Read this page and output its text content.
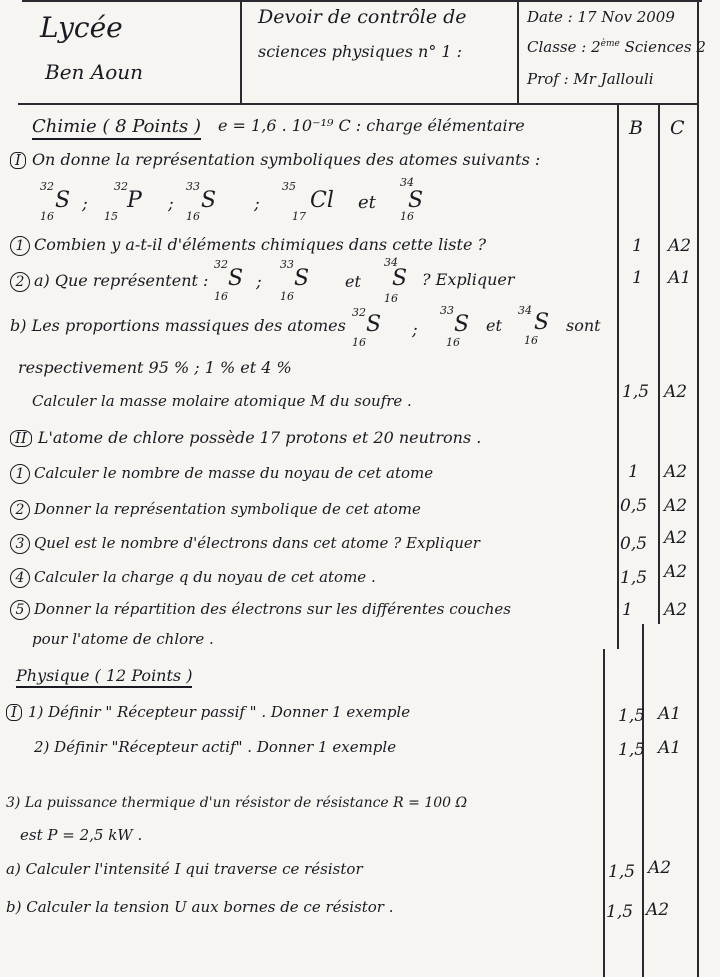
Lycée
Ben Aoun
Devoir de contrôle de
sciences physiques n° 1 :
Date : 17 Nov 2009
Classe : 2ème Sciences 2
Prof : Mr Jallouli
Chimie ( 8 Points ) e = 1,6 . 10⁻¹⁹ C : charge élémentaire	B C
I On donne la représentation symboliques des atomes suivants :
32
S
16
;
32
P
15
;
33
S
16
;
35
Cl
17
et
34
S
16
1 Combien y a-t-il d'éléments chimiques dans cette liste ?	1 A2
2 a) Que représentent :
32
S
16
;
33
S
16
et
34
S
16
? Expliquer	1 A1
b) Les proportions massiques des atomes
32 S
16
;
33
S
16
et
34 S
16
sont
respectivement 95 % ; 1 % et 4 %
Calculer la masse molaire atomique M du soufre .	1,5 A2
II L'atome de chlore possède 17 protons et 20 neutrons .
1 Calculer le nombre de masse du noyau de cet atome	1 A2
2 Donner la représentation symbolique de cet atome	0,5 A2
3 Quel est le nombre d'électrons dans cet atome ? Expliquer	0,5 A2
4 Calculer la charge q du noyau de cet atome .	1,5 A2
5 Donner la répartition des électrons sur les différentes couches
pour l'atome de chlore .
1 A2
Physique ( 12 Points )
I 1) Définir " Récepteur passif " . Donner 1 exemple	1,5 A1
2) Définir "Récepteur actif" . Donner 1 exemple	1,5 A1
3) La puissance thermique d'un résistor de résistance R = 100 Ω
est P = 2,5 kW .
a) Calculer l'intensité I qui traverse ce résistor	1,5 A2
b) Calculer la tension U aux bornes de ce résistor .	1,5 A2
